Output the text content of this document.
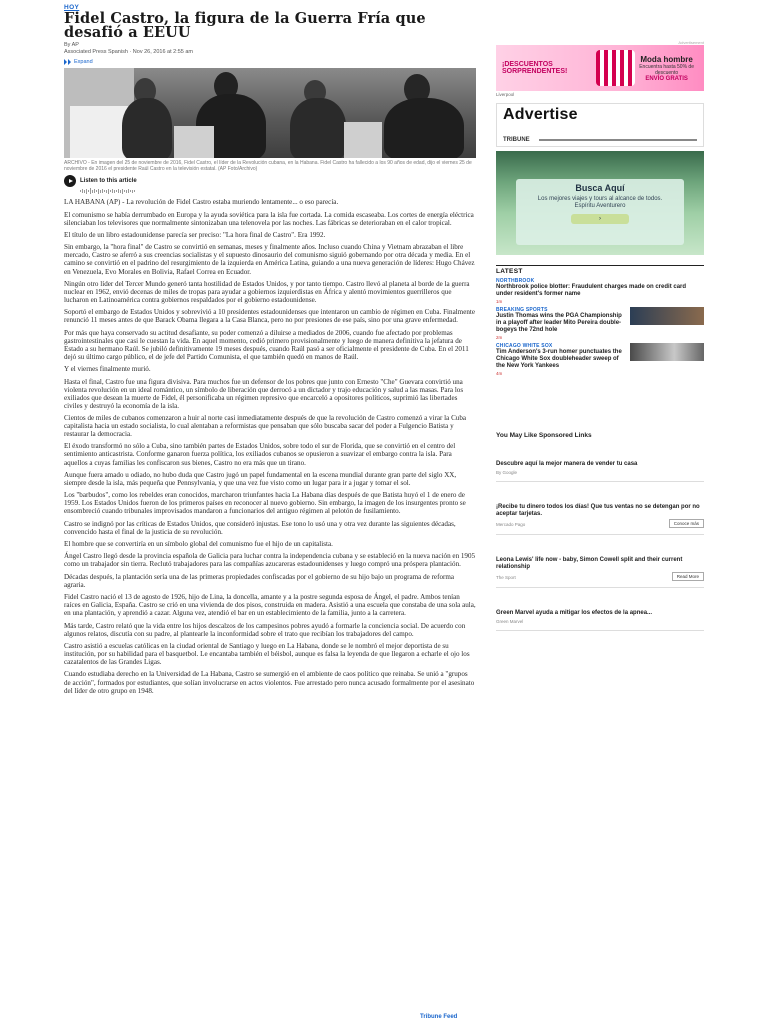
HOY
Fidel Castro, la figura de la Guerra Fría que desafió a EEUU
By AP
Associated Press Spanish · Nov 26, 2016 at 2:55 am
Expand
ARCHIVO - En imagen del 25 de noviembre de 2016, Fidel Castro, el líder de la Revolución cubana, en la Habana. Fidel Castro ha fallecido a los 90 años de edad, dijo el viernes 25 de noviembre de 2016 el presidente Raúl Castro en la televisión estatal. (AP Foto/Archivo)
Listen to this article

LA HABANA (AP) - La revolución de Fidel Castro estaba muriendo lentamente... o eso parecía.

El comunismo se había derrumbado en Europa y la ayuda soviética para la isla fue cortada. La comida escaseaba. Los cortes de energía eléctrica silenciaban los televisores que normalmente sintonizaban una telenovela por las noches. Las fábricas se deterioraban en el calor tropical.

El título de un libro estadounidense parecía ser preciso: "La hora final de Castro". Era 1992.

Sin embargo, la "hora final" de Castro se convirtió en semanas, meses y finalmente años. Incluso cuando China y Vietnam abrazaban el libre mercado, Castro se aferró a sus creencias socialistas y el supuesto dinosaurio del comunismo siguió gobernando por otra década y media. En el camino se convirtió en el padrino del resurgimiento de la izquierda en América Latina, guiando a una nueva generación de líderes: Hugo Chávez en Venezuela, Evo Morales en Bolivia, Rafael Correa en Ecuador.

Ningún otro líder del Tercer Mundo generó tanta hostilidad de Estados Unidos, y por tanto tiempo. Castro llevó al planeta al borde de la guerra nuclear en 1962, envió decenas de miles de tropas para ayudar a gobiernos izquierdistas en África y alentó movimientos guerrilleros que lucharon en Latinoamérica contra gobiernos respaldados por el gobierno estadounidense.

Soportó el embargo de Estados Unidos y sobrevivió a 10 presidentes estadounidenses que intentaron un cambio de régimen en Cuba. Finalmente renunció 11 meses antes de que Barack Obama llegara a la Casa Blanca, pero no por presiones de ese país, sino por una grave enfermedad.

Por más que haya conservado su actitud desafiante, su poder comenzó a diluirse a mediados de 2006, cuando fue afectado por problemas gastrointestinales que casi le cuestan la vida. En aquel momento, cedió primero provisionalmente y luego de manera definitiva la jefatura de Estado a su hermano Raúl. Se jubiló definitivamente 19 meses después, cuando Raúl pasó a ser oficialmente el presidente de Cuba. En el 2011 dejó su último cargo público, el de jefe del Partido Comunista, el que también quedó en manos de Raúl.

Y el viernes finalmente murió.

Hasta el final, Castro fue una figura divisiva. Para muchos fue un defensor de los pobres que junto con Ernesto "Che" Guevara convirtió una violenta revolución en un ideal romántico, un símbolo de liberación que derrocó a un dictador y trajo educación y salud a las masas. Para los exiliados que desean la muerte de Fidel, él personificaba un régimen represivo que encarceló a opositores políticos, suprimió las libertades civiles y destruyó la economía de la isla.

Cientos de miles de cubanos comenzaron a huir al norte casi inmediatamente después de que la revolución de Castro comenzó a virar la Cuba capitalista hacia un estado socialista, lo cual alentaban a reformistas que pensaban que sólo buscaba sacar del poder a Fulgencio Batista y restaurar la democracia.

El éxodo transformó no sólo a Cuba, sino también partes de Estados Unidos, sobre todo el sur de Florida, que se convirtió en el centro del sentimiento anticastrista. Conforme ganaron fuerza política, los exiliados cubanos se opusieron a suavizar el embargo contra la isla. Para aquellos a cuyas familias les confiscaron sus bienes, Castro no era más que un tirano.

Aunque fuera amado u odiado, no hubo duda que Castro jugó un papel fundamental en la escena mundial durante gran parte del siglo XX, siempre desde la isla, más pequeña que Pennsylvania, y que una vez fue visto como un lugar para ir a jugar y tomar el sol.

Los "barbudos", como los rebeldes eran conocidos, marcharon triunfantes hacia La Habana días después de que Batista huyó el 1 de enero de 1959. Los Estados Unidos fueron de los primeros países en reconocer al nuevo gobierno. Sin embargo, la imagen de los insurgentes pronto se ensombreció cuando tribunales improvisados mandaron a funcionarios del antiguo régimen al pelotón de fusilamiento.

Castro se indignó por las críticas de Estados Unidos, que consideró injustas. Ese tono lo usó una y otra vez durante las siguientes décadas, convencido hasta el final de la justicia de su revolución.

El hombre que se convertiría en un símbolo global del comunismo fue el hijo de un capitalista.

Ángel Castro llegó desde la provincia española de Galicia para luchar contra la independencia cubana y se estableció en la nueva nación en 1905 como un trabajador sin tierra. Reclutó trabajadores para las compañías azucareras estadounidenses y luego compró una próspera plantación.

Décadas después, la plantación sería una de las primeras propiedades confiscadas por el gobierno de su hijo bajo un programa de reforma agraria.

Fidel Castro nació el 13 de agosto de 1926, hijo de Lina, la doncella, amante y a la postre segunda esposa de Ángel, el padre. Ambos tenían raíces en Galicia, España. Castro se crió en una vivienda de dos pisos, construida en madera. Asistió a una escuela que constaba de una sola aula, en una plantación, y aprendió a cazar. Alguna vez, atendió el bar en un establecimiento de la familia, junto a la carretera.

Más tarde, Castro relató que la vida entre los hijos descalzos de los campesinos pobres ayudó a formarle la conciencia social. De acuerdo con algunos relatos, discutía con su padre, al plantearle la inconformidad sobre el trato que recibían los trabajadores del campo.

Castro asistió a escuelas católicas en la ciudad oriental de Santiago y luego en La Habana, donde se le nombró el mejor deportista de su institución, por su habilidad para el basquetbol. Le encantaba también el béisbol, aunque es falsa la leyenda de que llegaron a echarle el ojo los cazatalentos de las Grandes Ligas.

Cuando estudiaba derecho en la Universidad de La Habana, Castro se sumergió en el ambiente de caos político que reinaba. Se unió a "grupos de acción", formados por estudiantes, que solían involucrarse en actos violentos. Fue arrestado pero nunca acusado formalmente por el asesinato del líder de otro grupo en 1948.

Advertisement
¡DESCUENTOS SORPRENDENTES!
Moda hombre
Encuentra hasta 50% de descuento
ENVÍO GRATIS
Liverpool
Advertise
TRIBUNE
Busca Aquí
Los mejores viajes y tours al alcance de todos. Espíritu Aventurero
›
LATEST
NORTHBROOK
Northbrook police blotter: Fraudulent charges made on credit card under resident's former name
1m
BREAKING SPORTS
Justin Thomas wins the PGA Championship in a playoff after leader Mito Pereira double-bogeys the 72nd hole
2m
CHICAGO WHITE SOX
Tim Anderson's 3-run homer punctuates the Chicago White Sox doubleheader sweep of the New York Yankees
4m
You May Like Sponsored Links
Descubre aquí la mejor manera de vender tu casa
By Google
¡Recibe tu dinero todos los días! Que tus ventas no se detengan por no aceptar tarjetas.
Mercado Pago	Conoce más
Leona Lewis' life now - baby, Simon Cowell split and their current relationship
The Sport	Read More
Green Marvel ayuda a mitigar los efectos de la apnea...
Green Marvel
Tribune Feed
